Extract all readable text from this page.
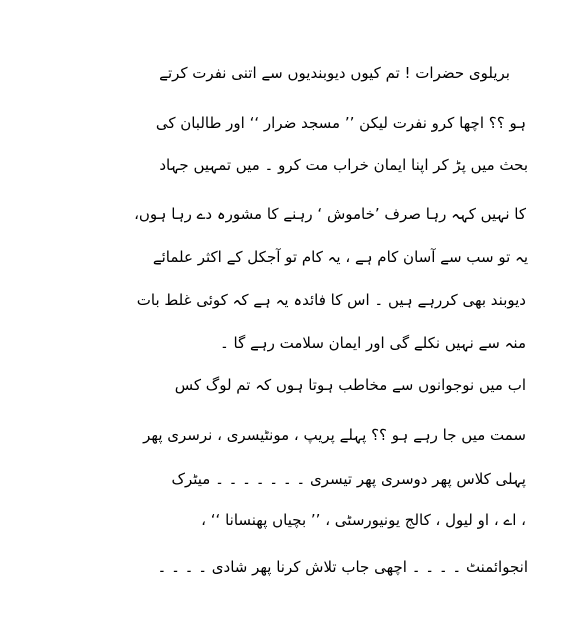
بریلوی حضرات ! تم کیوں دیوبندیوں سے اتنی نفرت کرتے
ہو ؟؟ اچھا کرو نفرت لیکن ’’ مسجد ضرار ‘‘ اور طالبان کی
بحث میں پڑ کر اپنا ایمان خراب مت کرو ۔ میں تمہیں جہاد
کا نہیں کہہ رہا صرف ’خاموش ‘ رہنے کا مشورہ دے رہا ہوں،
یہ تو سب سے آسان کام ہے ، یہ کام تو آجکل کے اکثر علمائے
دیوبند بھی کررہے ہیں ۔ اس کا فائدہ یہ ہے کہ کوئی غلط بات
منہ سے نہیں نکلے گی اور ایمان سلامت رہے گا ۔
اب میں نوجوانوں سے مخاطب ہوتا ہوں کہ تم لوگ کس
سمت میں جا رہے ہو ؟؟ پہلے پریپ ، مونٹیسری ، نرسری پھر
پہلی کلاس پھر دوسری پھر تیسری ۔ ۔ ۔ ۔ ۔ ۔ ۔ میٹرک
، اے ، او لیول ، کالج یونیورسٹی ، ’’ بچیاں پھنسانا ‘‘ ،
انجوائمنٹ ۔ ۔ ۔ ۔ اچھی جاب تلاش کرنا پھر شادی ۔ ۔ ۔ ۔
